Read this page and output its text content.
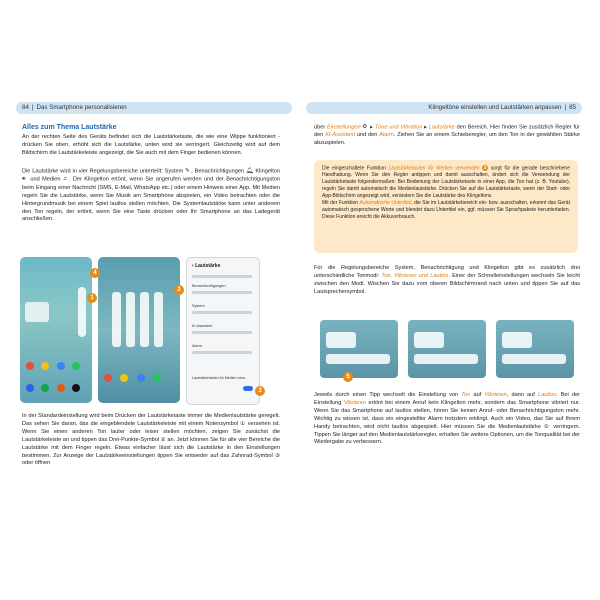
84 | Das Smartphone personalisieren

Alles zum Thema Lautstärke

An der rechten Seite des Geräts befindet sich die Lautstärketaste, die wie eine Wippe funktioniert - drücken Sie oben, erhöht sich die Lautstärke, unten wird sie verringert. Gleichzeitig wird auf dem Bildschirm die Lautstärkeleiste angezeigt, die Sie auch mit dem Finger bedienen können.

Die Lautstärke wird in vier Regelungsbereiche unterteilt: System ✎, Benachrichtigungen 🔔︎, Klingelton 🔊︎ und Medien ♫ . Der Klingelton ertönt, wenn Sie angerufen werden und der Benachrichtigungston beim Eingang einer Nachricht (SMS, E-Mail, WhatsApp etc.) oder einem Hinweis einer App. Mit Medien regeln Sie die Lautstärke, wenn Sie Musik am Smartphone abspielen, ein Video betrachten oder die Hintergrundmusik bei einem Spiel lautlos stellen möchten. Die Systemlautstärke kann unter anderem den Ton regeln, der ertönt, wenn Sie eine Taste drücken oder Ihr Smartphone an das Ladegerät anschließen.

‹ Lautstärke
Benachrichtigungen
System
KI-Assistent
Alarm
Lautstärketasten für Medien verw.
1
2
3
4

In der Standardeinstellung wird beim Drücken der Lautstärketaste immer die Medienlautstärke geregelt. Das sehen Sie daran, das die eingeblendete Lautstärkeleiste mit einem Notensymbol ① versehen ist. Wenn Sie einen anderen Ton lauter oder leiser stellen möchten, zeigen Sie zunächst die Lautstärkeleiste an und tippen das Drei-Punkte-Symbol ② an. Jetzt können Sie für alle vier Bereiche die Lautstärke mit dem Finger regeln. Etwas einfacher lässt sich die Lautstärke in den Einstellungen bestimmen. Zur Anzeige der Lautstärkeeinstellungen tippen Sie entweder auf das Zahnrad-Symbol ③ oder öffnen

Klingeltöne einstellen und Lautstärken anpassen | 85

über Einstellungen ⚙ ▸ Töne und Vibration ▸ Lautstärke den Bereich. Hier finden Sie zusätzlich Regler für den KI-Assistent und den Alarm. Ziehen Sie an einem Schieberegler, um den Ton in der gewählten Stärke abzuspielen.

Die eingeschaltete Funktion Lautstärketasten für Medien verwenden 3 sorgt für die gerade beschriebene Handhabung. Wenn Sie den Regler antippen und damit ausschalten, ändert sich die Verwendung der Lautstärketaste folgendermaßen: Bei Bedienung der Lautstärketaste in einer App, die Ton hat (z. B. Youtube), regeln Sie damit automatisch die Medienlautstärke. Drücken Sie auf die Lautstärketaste, wenn der Start- oder App-Bildschirm angezeigt wird, verändern Sie die Lautstärke des Klingeltons.
Mit der Funktion Automatische Untertitel, die Sie im Lautstärkebereich ein- bzw. ausschalten, erkennt das Gerät automatisch gesprochene Worte und blendet dazu Untertitel ein, ggf. müssen Sie Sprachpakete herunterladen. Diese Funktion ereicht die Akkuverbrauch.

Für die Regelungsbereiche System, Benachrichtigung und Klingelton gibt es zusätzlich drei unterschiedliche Tonmodi: Ton, Vibrieren und Lautlos. Einer der Schnelleinstellungen wechseln Sie leicht zwischen den Modi. Wischen Sie dazu vom oberen Bildschirmrand nach unten und tippen Sie auf das Lautsprechersymbol.

5

Jeweils durch einen Tipp wechselt die Einstellung von Ton auf Vibrieren, dann auf Lautlos. Bei der Einstellung Vibrieren ertönt bei einem Anruf kein Klingelton mehr, sondern das Smartphone vibriert nur. Wenn Sie das Smartphone auf lautlos stellen, hören Sie keinen Anruf- oder Benachrichtigungston mehr. Wichtig zu wissen ist, dass ein eingestellter Alarm trotzdem erklingt. Auch ein Video, das Sie auf Ihrem Handy betrachten, wird nicht lautlos abgespielt. Hier müssen Sie die Medienlautstärke ⑤ verringern. Tippen Sie länger auf den Medienlautstärkeregler, erhalten Sie weitere Optionen, um die Tonqualität bei der Wiedergabe zu verbessern.
